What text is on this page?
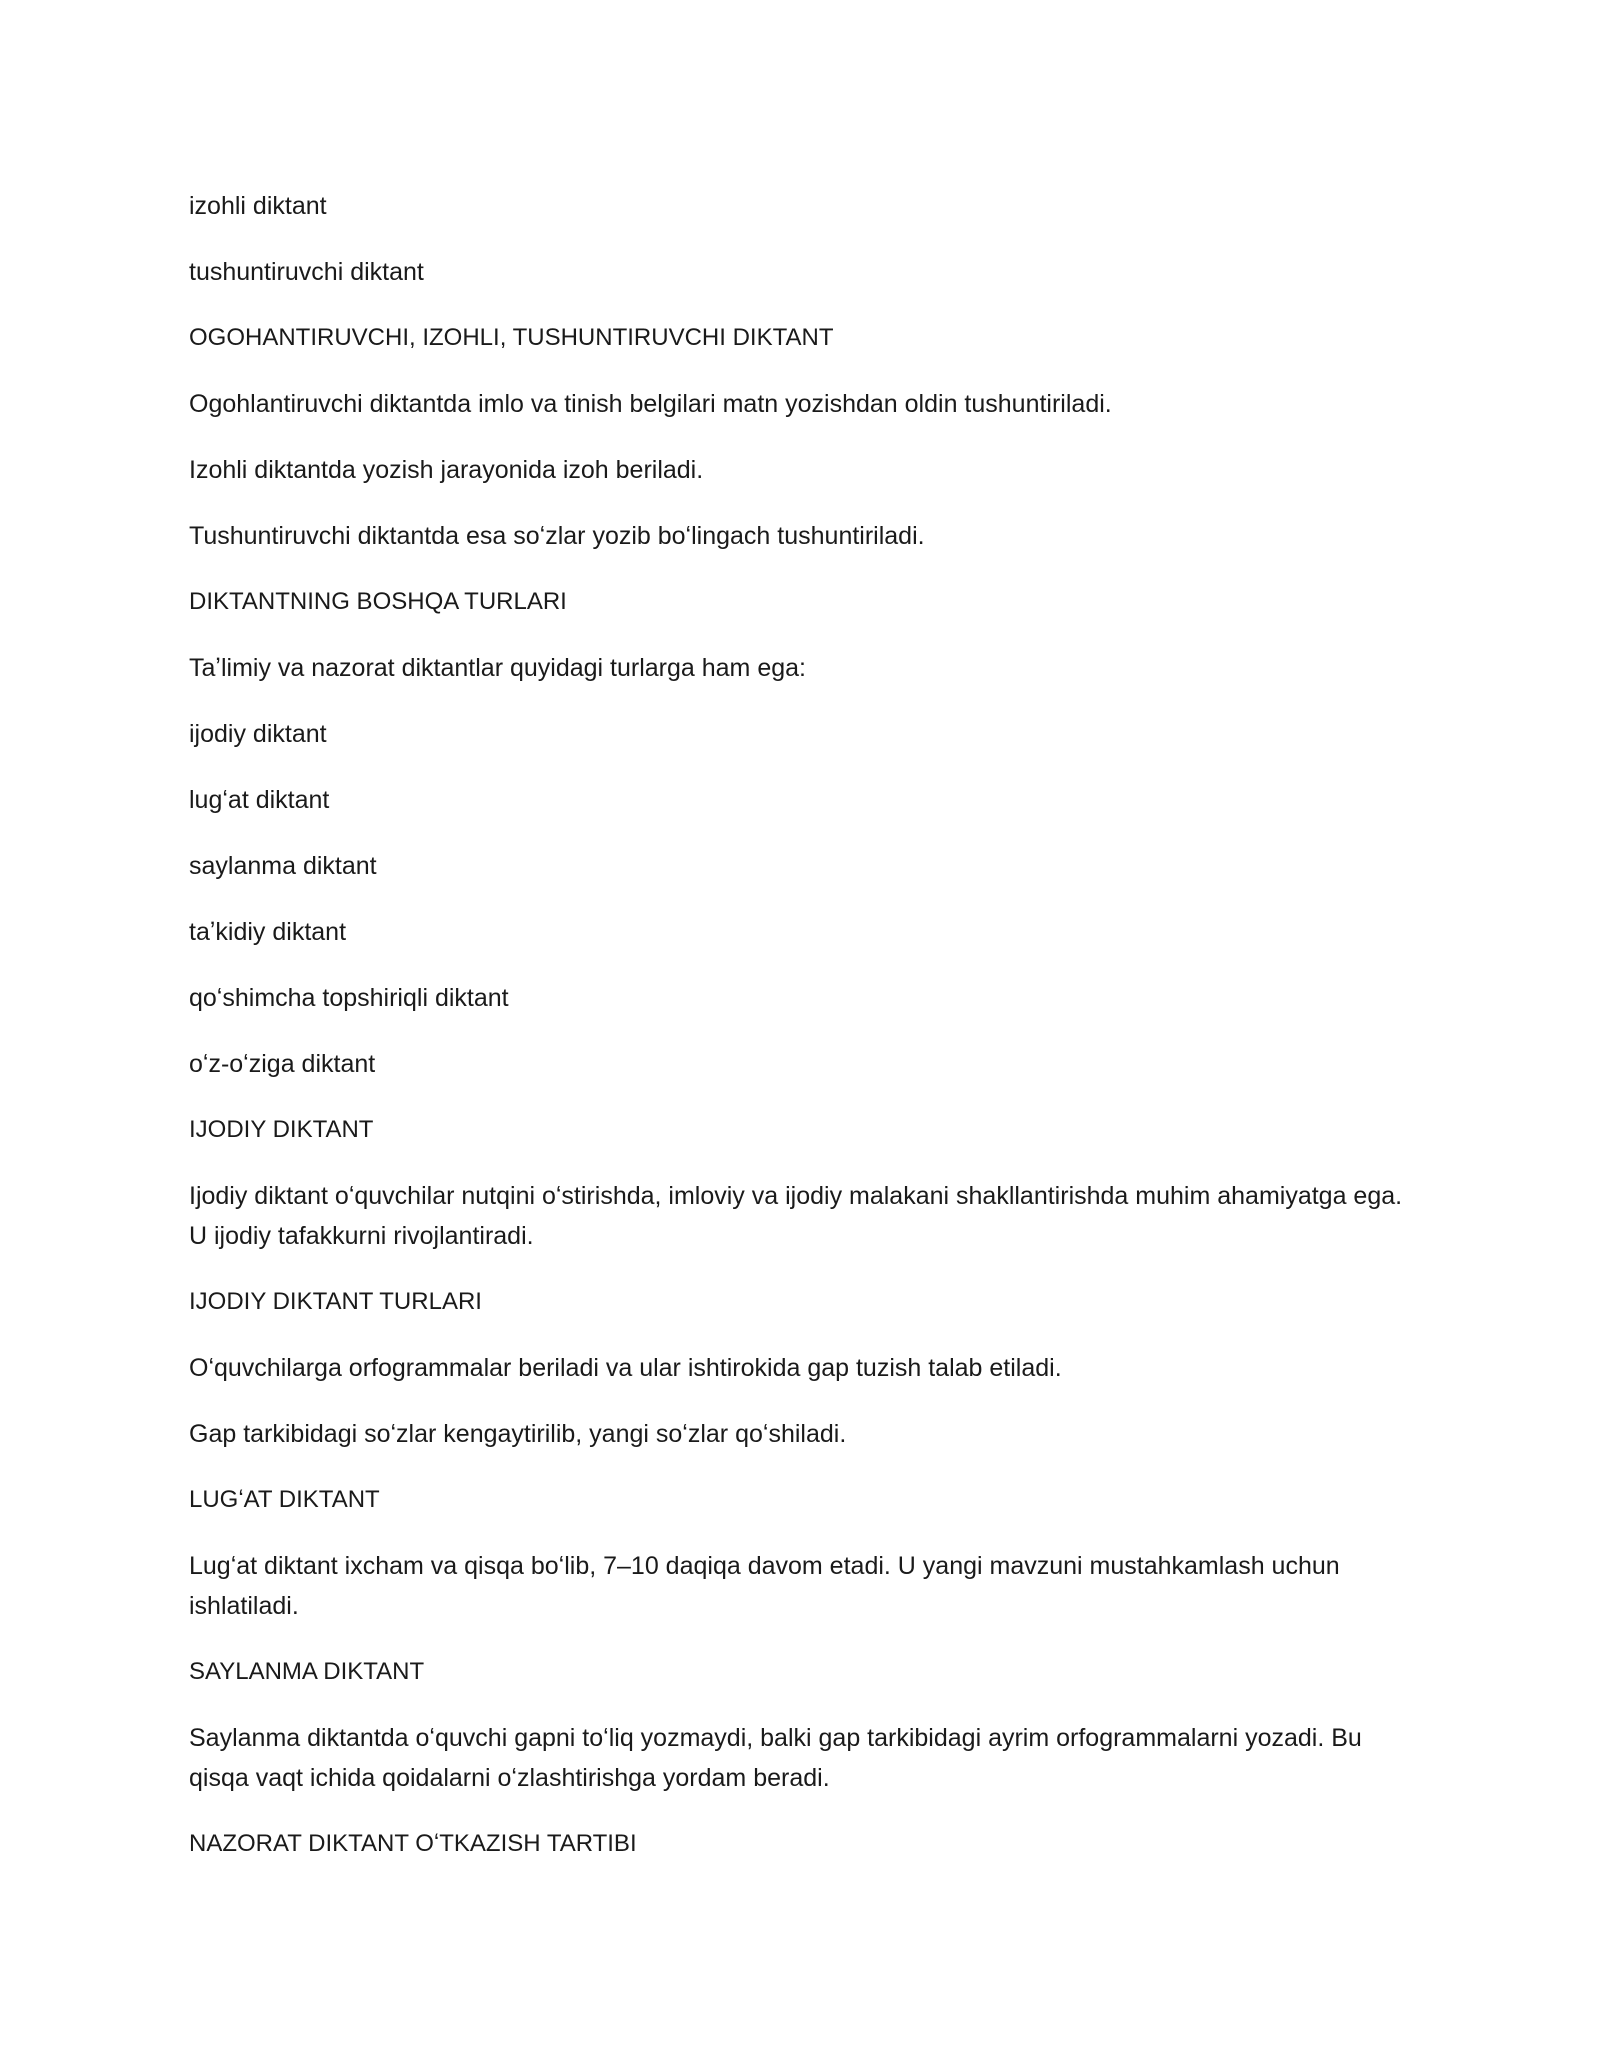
izohli diktant

tushuntiruvchi diktant

OGOHANTIRUVCHI, IZOHLI, TUSHUNTIRUVCHI DIKTANT

Ogohlantiruvchi diktantda imlo va tinish belgilari matn yozishdan oldin tushuntiriladi.

Izohli diktantda yozish jarayonida izoh beriladi.

Tushuntiruvchi diktantda esa soʻzlar yozib boʻlingach tushuntiriladi.

DIKTANTNING BOSHQA TURLARI

Taʼlimiy va nazorat diktantlar quyidagi turlarga ham ega:

ijodiy diktant

lugʻat diktant

saylanma diktant

taʼkidiy diktant

qoʻshimcha topshiriqli diktant

oʻz-oʻziga diktant

IJODIY DIKTANT

Ijodiy diktant oʻquvchilar nutqini oʻstirishda, imloviy va ijodiy malakani shakllantirishda muhim ahamiyatga ega. U ijodiy tafakkurni rivojlantiradi.

IJODIY DIKTANT TURLARI

Oʻquvchilarga orfogrammalar beriladi va ular ishtirokida gap tuzish talab etiladi.

Gap tarkibidagi soʻzlar kengaytirilib, yangi soʻzlar qoʻshiladi.

LUGʻAT DIKTANT

Lugʻat diktant ixcham va qisqa boʻlib, 7–10 daqiqa davom etadi. U yangi mavzuni mustahkamlash uchun ishlatiladi.

SAYLANMA DIKTANT

Saylanma diktantda oʻquvchi gapni toʻliq yozmaydi, balki gap tarkibidagi ayrim orfogrammalarni yozadi. Bu qisqa vaqt ichida qoidalarni oʻzlashtirishga yordam beradi.

NAZORAT DIKTANT OʻTKAZISH TARTIBI
